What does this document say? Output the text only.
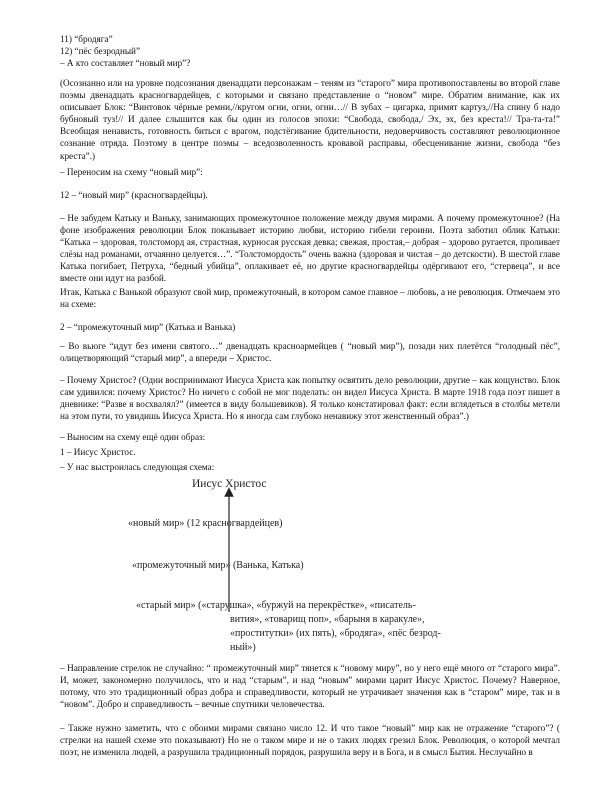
11) “бродяга”
12) “пёс безродный”
– А кто составляет “новый мир”?
(Осознанно или на уровне подсознания двенадцати персонажам – теням из “старого” мира противопоставлены во второй главе поэмы двенадцать красногвардейцев, с которыми и связано представление о “новом” мире. Обратим внимание, как их описывает Блок: “Винтовок чёрные ремни,//кругом огни, огни, огни…// В зубах – цигарка, примят картуз,//На спину б надо бубновый туз!// И далее слышится как бы один из голосов эпохи: “Свобода, свобода,/ Эх, эх, без креста!// Тра-та-та!” Всеобщая ненависть, готовность биться с врагом, подстёгивание бдительности, недоверчивость составляют революционное сознание отряда. Поэтому в центре поэмы – вседозволенность кровавой расправы, обесценивание жизни, свобода “без креста”.)
– Переносим на схему “новый мир”:
12 – “новый мир” (красногвардейцы).
– Не забудем Катьку и Ваньку, занимающих промежуточное положение между двумя мирами. А почему промежуточное? (На фоне изображения революции Блок показывает историю любви, историю гибели героини. Поэта заботил облик Катьки: “Катька – здоровая, толстоморд ая, страстная, курносая русская девка; свежая, простая,– добрая – здорово ругается, проливает слёзы над романами, отчаянно целуется…”. “Толстомордость” очень важна (здоровая и чистая – до детскости). В шестой главе Катька погибает, Петруха, “бедный убийца”, оплакивает её, но другие красногвардейцы одёргивают его, “стервеца”, и все вместе они идут на разбой.
Итак, Катька с Ванькой образуют свой мир, промежуточный, в котором самое главное – любовь, а не революция. Отмечаем это на схеме:
2 – “промежуточный мир” (Катька и Ванька)
– Во вьюге “идут без имени святого…” двенадцать красноармейцев ( “новый мир”), позади них плетётся “голодный пёс”, олицетворяющий “старый мир”, а впереди – Христос.
– Почему Христос? (Одни воспринимают Иисуса Христа как попытку освятить дело революции, другие – как кощунство. Блок сам удивился: почему Христос? Но ничего с собой не мог поделать: он видел Иисуса Христа. В марте 1918 года поэт пишет в дневнике: “Разве я восхвалял?” (имеется в виду большевиков). Я только констатировал факт: если вглядеться в столбы метели на этом пути, то увидишь Иисуса Христа. Но я иногда сам глубоко ненавижу этот женственный образ”.)
– Выносим на схему ещё один образ:
1 – Иисус Христос.
– У нас выстроилась следующая схема:
Иисус Христос
«новый мир» (12 красногвардейцев)
«промежуточный мир» (Ванька, Катька)
«старый мир» («старушка», «буржуй на перекрёстке», «писатель-
вития», «товарищ поп», «барыня в каракуле»,
«проститутки» (их пять), «бродяга», «пёс безрод-
ный»)
– Направление стрелок не случайно: “ промежуточный мир” тянется к “новому миру”, но у него ещё много от “старого мира”. И, может, закономерно получилось, что и над “старым”, и над “новым” мирами царит Иисус Христос. Почему? Наверное, потому, что это традиционный образ добра и справедливости, который не утрачивает значения как в “старом” мире, так и в “новом”. Добро и справедливость – вечные спутники человечества.
– Также нужно заметить, что с обоими мирами связано число 12. И что такое “новый” мир как не отражение “старого”? ( стрелки на нашей схеме это показывают) Но не о таком мире и не о таких людях грезил Блок. Революция, о которой мечтал поэт, не изменила людей, а разрушила традиционный порядок, разрушила веру и в Бога, и в смысл Бытия. Неслучайно в
